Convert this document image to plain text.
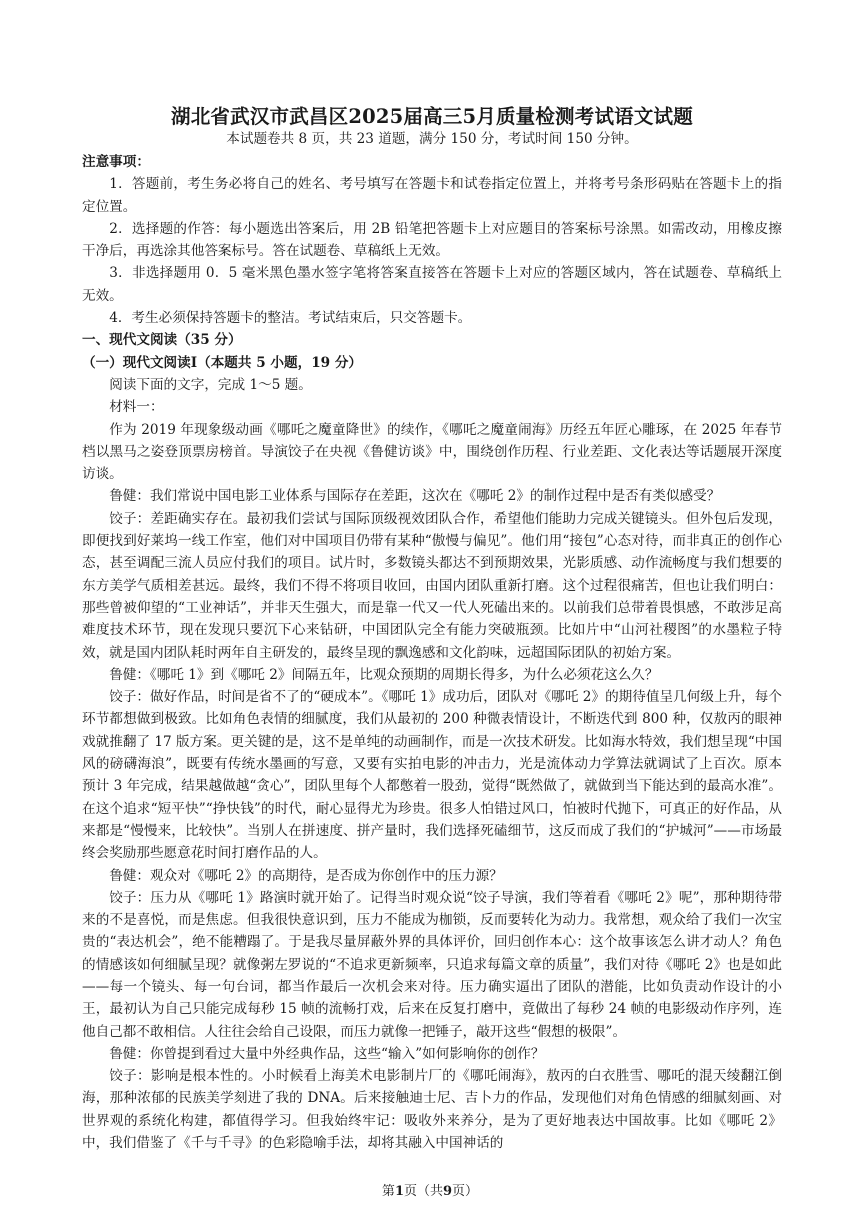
湖北省武汉市武昌区2025届高三5月质量检测考试语文试题

本试题卷共 8 页，共 23 道题，满分 150 分，考试时间 150 分钟。

注意事项：

1．答题前，考生务必将自己的姓名、考号填写在答题卡和试卷指定位置上，并将考号条形码贴在答题卡上的指定位置。

2．选择题的作答：每小题选出答案后，用 2B 铅笔把答题卡上对应题目的答案标号涂黑。如需改动，用橡皮擦干净后，再选涂其他答案标号。答在试题卷、草稿纸上无效。

3．非选择题用 0．5 毫米黑色墨水签字笔将答案直接答在答题卡上对应的答题区域内，答在试题卷、草稿纸上无效。

4．考生必须保持答题卡的整洁。考试结束后，只交答题卡。

一、现代文阅读（35 分）

（一）现代文阅读Ⅰ（本题共 5 小题，19 分）

阅读下面的文字，完成 1～5 题。

材料一：

作为 2019 年现象级动画《哪吒之魔童降世》的续作，《哪吒之魔童闹海》历经五年匠心雕琢，在 2025 年春节档以黑马之姿登顶票房榜首。导演饺子在央视《鲁健访谈》中，围绕创作历程、行业差距、文化表达等话题展开深度访谈。

鲁健：我们常说中国电影工业体系与国际存在差距，这次在《哪吒 2》的制作过程中是否有类似感受？

饺子：差距确实存在。最初我们尝试与国际顶级视效团队合作，希望他们能助力完成关键镜头。但外包后发现，即便找到好莱坞一线工作室，他们对中国项目仍带有某种“傲慢与偏见”。他们用“接包”心态对待，而非真正的创作心态，甚至调配三流人员应付我们的项目。试片时，多数镜头都达不到预期效果，光影质感、动作流畅度与我们想要的东方美学气质相差甚远。最终，我们不得不将项目收回，由国内团队重新打磨。这个过程很痛苦，但也让我们明白：那些曾被仰望的“工业神话”，并非天生强大，而是靠一代又一代人死磕出来的。以前我们总带着畏惧感，不敢涉足高难度技术环节，现在发现只要沉下心来钻研，中国团队完全有能力突破瓶颈。比如片中“山河社稷图”的水墨粒子特效，就是国内团队耗时两年自主研发的，最终呈现的飘逸感和文化韵味，远超国际团队的初始方案。

鲁健：《哪吒 1》到《哪吒 2》间隔五年，比观众预期的周期长得多，为什么必须花这么久？

饺子：做好作品，时间是省不了的“硬成本”。《哪吒 1》成功后，团队对《哪吒 2》的期待值呈几何级上升，每个环节都想做到极致。比如角色表情的细腻度，我们从最初的 200 种微表情设计，不断迭代到 800 种，仅敖丙的眼神戏就推翻了 17 版方案。更关键的是，这不是单纯的动画制作，而是一次技术研发。比如海水特效，我们想呈现“中国风的磅礴海浪”，既要有传统水墨画的写意，又要有实拍电影的冲击力，光是流体动力学算法就调试了上百次。原本预计 3 年完成，结果越做越“贪心”，团队里每个人都憋着一股劲，觉得“既然做了，就做到当下能达到的最高水准”。在这个追求“短平快”“挣快钱”的时代，耐心显得尤为珍贵。很多人怕错过风口，怕被时代抛下，可真正的好作品，从来都是“慢慢来，比较快”。当别人在拼速度、拼产量时，我们选择死磕细节，这反而成了我们的“护城河”——市场最终会奖励那些愿意花时间打磨作品的人。

鲁健：观众对《哪吒 2》的高期待，是否成为你创作中的压力源？

饺子：压力从《哪吒 1》路演时就开始了。记得当时观众说“饺子导演，我们等着看《哪吒 2》呢”，那种期待带来的不是喜悦，而是焦虑。但我很快意识到，压力不能成为枷锁，反而要转化为动力。我常想，观众给了我们一次宝贵的“表达机会”，绝不能糟蹋了。于是我尽量屏蔽外界的具体评价，回归创作本心：这个故事该怎么讲才动人？角色的情感该如何细腻呈现？就像粥左罗说的“不追求更新频率，只追求每篇文章的质量”，我们对待《哪吒 2》也是如此——每一个镜头、每一句台词，都当作最后一次机会来对待。压力确实逼出了团队的潜能，比如负责动作设计的小王，最初认为自己只能完成每秒 15 帧的流畅打戏，后来在反复打磨中，竟做出了每秒 24 帧的电影级动作序列，连他自己都不敢相信。人往往会给自己设限，而压力就像一把锤子，敲开这些“假想的极限”。

鲁健：你曾提到看过大量中外经典作品，这些“输入”如何影响你的创作？

饺子：影响是根本性的。小时候看上海美术电影制片厂的《哪吒闹海》，敖丙的白衣胜雪、哪吒的混天绫翻江倒海，那种浓郁的民族美学刻进了我的 DNA。后来接触迪士尼、吉卜力的作品，发现他们对角色情感的细腻刻画、对世界观的系统化构建，都值得学习。但我始终牢记：吸收外来养分，是为了更好地表达中国故事。比如《哪吒 2》中，我们借鉴了《千与千寻》的色彩隐喻手法，却将其融入中国神话的

第1页（共9页）
